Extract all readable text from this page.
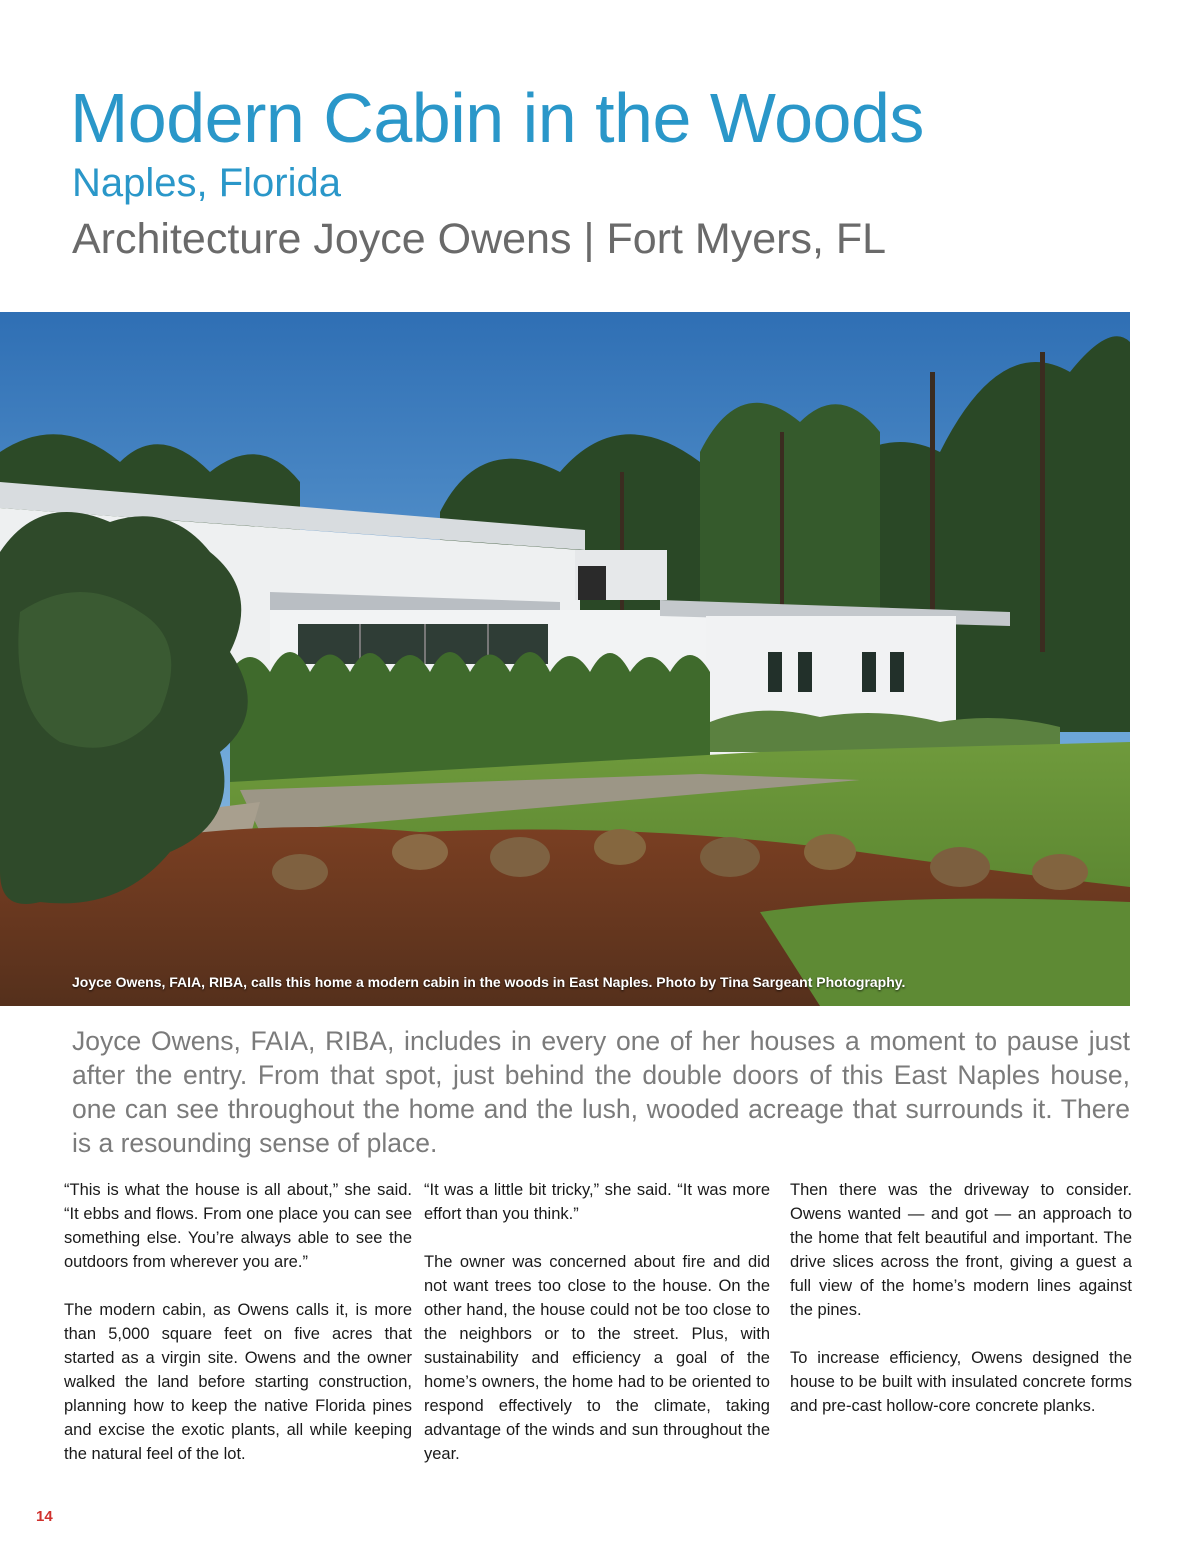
Modern Cabin in the Woods
Naples, Florida
Architecture Joyce Owens | Fort Myers, FL
Joyce Owens, FAIA, RIBA, calls this home a modern cabin in the woods in East Naples. Photo by Tina Sargeant Photography.

Joyce Owens, FAIA, RIBA, includes in every one of her houses a moment to pause just after the entry. From that spot, just behind the double doors of this East Naples house, one can see throughout the home and the lush, wooded acreage that surrounds it. There is a resounding sense of place.

“This is what the house is all about,” she said. “It ebbs and flows. From one place you can see something else. You’re always able to see the outdoors from wherever you are.”

The modern cabin, as Owens calls it, is more than 5,000 square feet on five acres that started as a virgin site. Owens and the owner walked the land before starting construction, planning how to keep the native Florida pines and excise the exotic plants, all while keeping the natural feel of the lot.

“It was a little bit tricky,” she said. “It was more effort than you think.”

The owner was concerned about fire and did not want trees too close to the house. On the other hand, the house could not be too close to the neighbors or to the street. Plus, with sustainability and efficiency a goal of the home’s owners, the home had to be oriented to respond effectively to the climate, taking advantage of the winds and sun throughout the year.

Then there was the driveway to consider. Owens wanted — and got — an approach to the home that felt beautiful and important. The drive slices across the front, giving a guest a full view of the home’s modern lines against the pines.

To increase efficiency, Owens designed the house to be built with insulated concrete forms and pre-cast hollow-core concrete planks.

14
